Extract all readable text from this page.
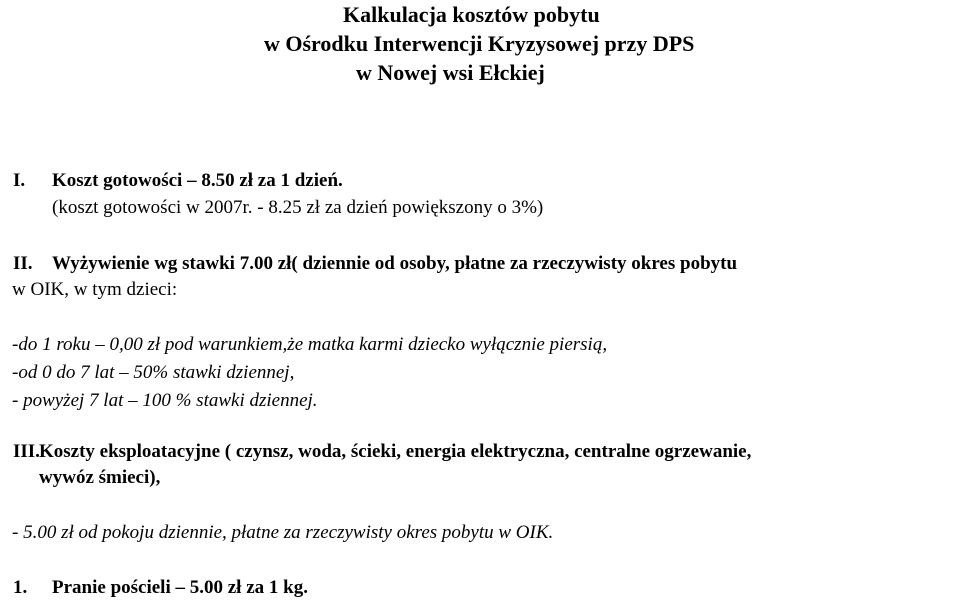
Kalkulacja kosztów pobytu
w Ośrodku Interwencji Kryzysowej przy DPS
w Nowej wsi Ełckiej
I. Koszt gotowości – 8.50 zł za 1 dzień.
(koszt gotowości w 2007r. - 8.25 zł za dzień powiększony o 3%)
II. Wyżywienie wg stawki 7.00 zł( dziennie od osoby, płatne za rzeczywisty okres pobytu
w OIK, w tym dzieci:
-do 1 roku – 0,00 zł pod warunkiem,że matka karmi dziecko wyłącznie piersią,
-od 0 do 7 lat – 50% stawki dziennej,
- powyżej 7 lat – 100 % stawki dziennej.
III. Koszty eksploatacyjne ( czynsz, woda, ścieki, energia elektryczna, centralne ogrzewanie,
wywóz śmieci),
- 5.00 zł od pokoju dziennie, płatne za rzeczywisty okres pobytu w OIK.
1. Pranie pościeli – 5.00 zł za 1 kg.
